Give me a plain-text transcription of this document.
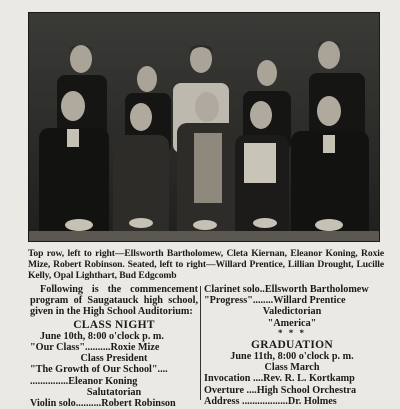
Top row, left to right—Ellsworth Bartholomew, Cleta Kiernan, Eleanor Koning, Roxie Mize, Robert Robinson. Seated, left to right—Willard Prentice, Lillian Drought, Lucille Kelly, Opal Lighthart, Bud Edgcomb

Following is the commencement program of Saugatauck high school, given in the High School Auditorium:

CLASS NIGHT

June 10th, 8:00 o'clock p. m.

"Our Class"..........Roxie Mize

Class President

"The Growth of Our School"....

...............Eleanor Koning

Salutatorian

Violin solo..........Robert Robinson

Clarinet solo..Ellsworth Bartholomew

"Progress"........Willard Prentice

Valedictorian

"America"

* * *

GRADUATION

June 11th, 8:00 o'clock p. m.

Class March

Invocation ....Rev. R. L. Kortkamp

Overture ....High School Orchestra

Address ..................Dr. Holmes
